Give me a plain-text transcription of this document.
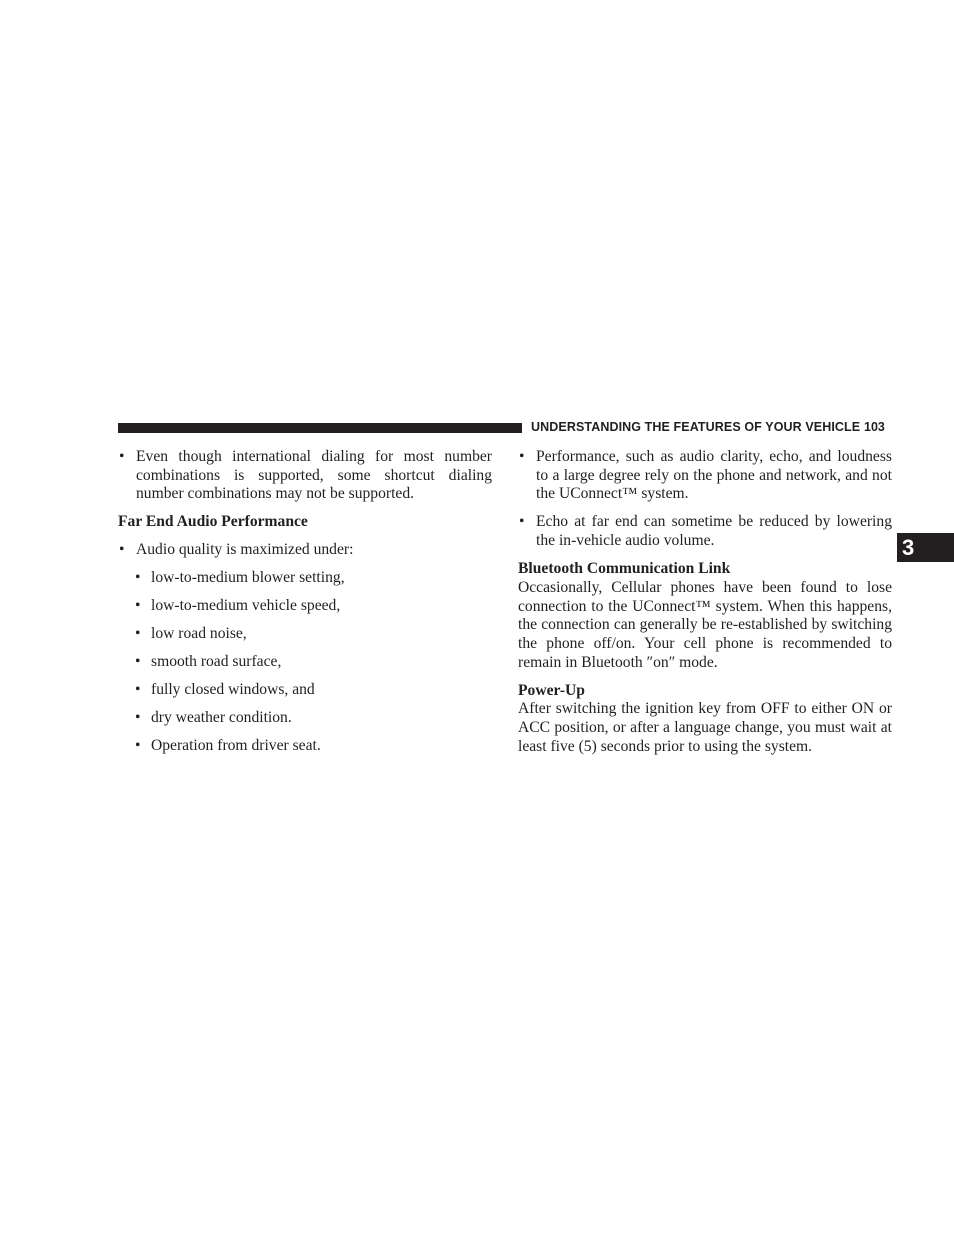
UNDERSTANDING THE FEATURES OF YOUR VEHICLE 103
3

• Even though international dialing for most number combinations is supported, some shortcut dialing number combinations may not be supported.

Far End Audio Performance

• Audio quality is maximized under:

• low-to-medium blower setting,

• low-to-medium vehicle speed,

• low road noise,

• smooth road surface,

• fully closed windows, and

• dry weather condition.

• Operation from driver seat.

• Performance, such as audio clarity, echo, and loudness to a large degree rely on the phone and network, and not the UConnect™ system.

• Echo at far end can sometime be reduced by lowering the in-vehicle audio volume.

Bluetooth Communication Link

Occasionally, Cellular phones have been found to lose connection to the UConnect™ system. When this happens, the connection can generally be re-established by switching the phone off/on. Your cell phone is recommended to remain in Bluetooth ″on″ mode.

Power-Up

After switching the ignition key from OFF to either ON or ACC position, or after a language change, you must wait at least five (5) seconds prior to using the system.
